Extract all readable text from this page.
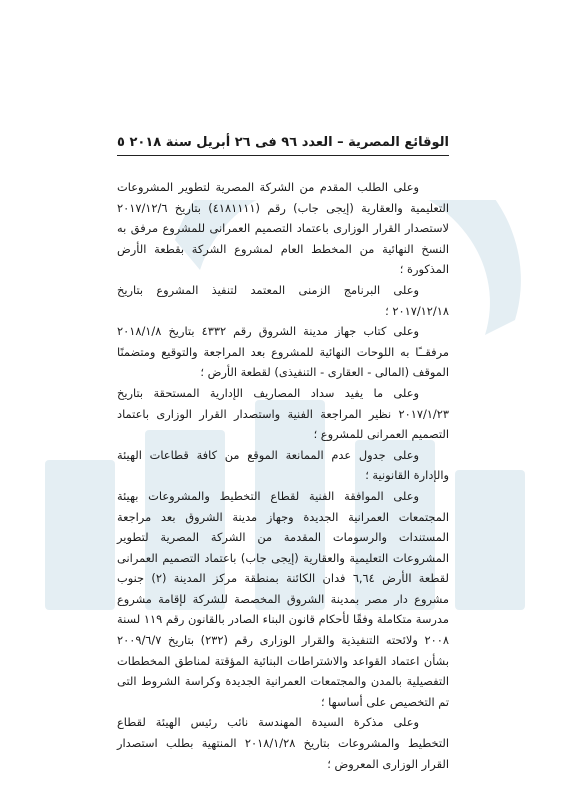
الوقائع المصرية – العدد ٩٦ فى ٢٦ أبريل سنة ٢٠١٨
٥

وعلى الطلب المقدم من الشركة المصرية لتطوير المشروعات التعليمية والعقارية (إيجى جاب) رقم (٤١٨١١١١) بتاريخ ٢٠١٧/١٢/٦ لاستصدار القرار الوزارى باعتماد التصميم العمرانى للمشروع مرفق به النسخ النهائية من المخطط العام لمشروع الشركة بقطعة الأرض المذكورة ؛

وعلى البرنامج الزمنى المعتمد لتنفيذ المشروع بتاريخ ٢٠١٧/١٢/١٨ ؛

وعلى كتاب جهاز مدينة الشروق رقم ٤٣٣٢ بتاريخ ٢٠١٨/١/٨ مرفقــًا به اللوحات النهائية للمشروع بعد المراجعة والتوقيع ومتضمنًا الموقف (المالى - العقارى - التنفيذى) لقطعة الأرض ؛

وعلى ما يفيد سداد المصاريف الإدارية المستحقة بتاريخ ٢٠١٧/١/٢٣ نظير المراجعة الفنية واستصدار القرار الوزارى باعتماد التصميم العمرانى للمشروع ؛

وعلى جدول عدم الممانعة الموقع من كافة قطاعات الهيئة والإدارة القانونية ؛

وعلى الموافقة الفنية لقطاع التخطيط والمشروعات بهيئة المجتمعات العمرانية الجديدة وجهاز مدينة الشروق بعد مراجعة المستندات والرسومات المقدمة من الشركة المصرية لتطوير المشروعات التعليمية والعقارية (إيجى جاب) باعتماد التصميم العمرانى لقطعة الأرض ٦,٦٤ فدان الكائنة بمنطقة مركز المدينة (٢) جنوب مشروع دار مصر بمدينة الشروق المخصصة للشركة لإقامة مشروع مدرسة متكاملة وفقًا لأحكام قانون البناء الصادر بالقانون رقم ١١٩ لسنة ٢٠٠٨ ولائحته التنفيذية والقرار الوزارى رقم (٢٣٢) بتاريخ ٢٠٠٩/٦/٧ بشأن اعتماد القواعد والاشتراطات البنائية المؤقتة لمناطق المخططات التفصيلية بالمدن والمجتمعات العمرانية الجديدة وكراسة الشروط التى تم التخصيص على أساسها ؛

وعلى مذكرة السيدة المهندسة نائب رئيس الهيئة لقطاع التخطيط والمشروعات بتاريخ ٢٠١٨/١/٢٨ المنتهية بطلب استصدار القرار الوزارى المعروض ؛
